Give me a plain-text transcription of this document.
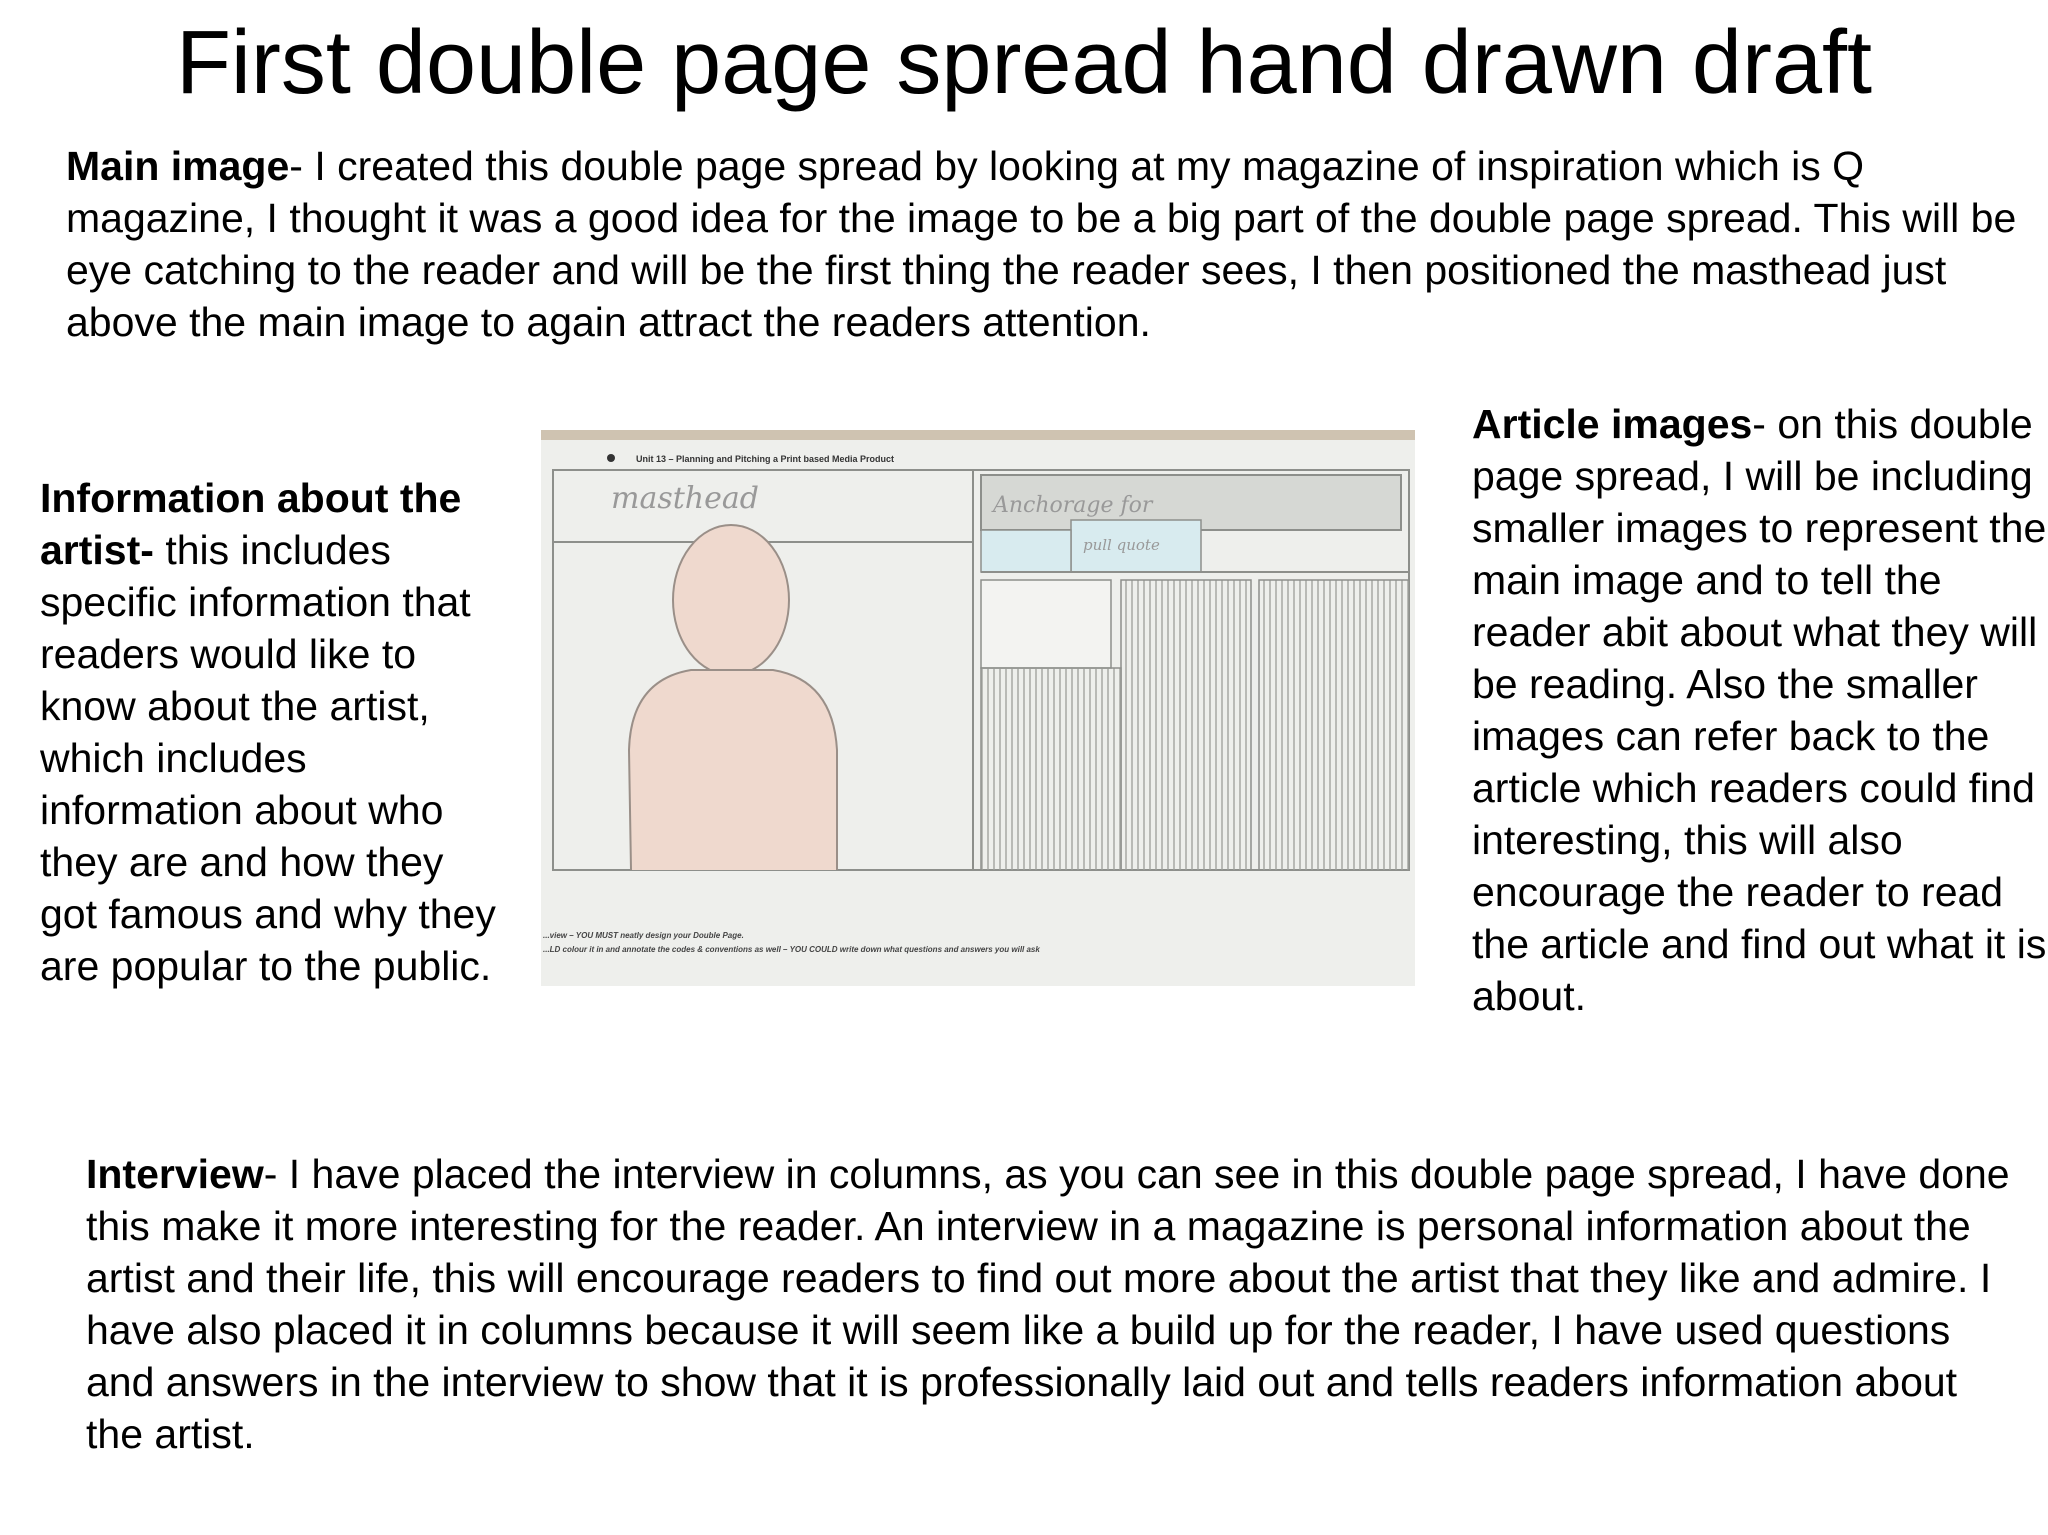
First double page spread hand drawn draft
Main image- I created this double page spread by looking at my magazine of inspiration which is Q magazine, I thought it was a good idea for the image to be a big part of the double page spread. This will be eye catching to the reader and will be the first thing the reader sees, I then positioned the masthead just above the main image to again attract the readers attention.
Information about the artist- this includes specific information that readers would like to know about the artist, which includes information about who they are and how they got famous and why they are popular to the public.
Unit 13 – Planning and Pitching a Print based Media Product
masthead	Anchorage for
pull quote
...view – YOU MUST neatly design your Double Page.
...LD colour it in and annotate the codes & conventions as well – YOU COULD write down what questions and answers you will ask
Article images- on this double page spread, I will be including smaller images to represent the main image and to tell the reader abit about what they will be reading. Also the smaller images can refer back to the article which readers could find interesting, this will also encourage the reader to read the article and find out what it is about.
Interview- I have placed the interview in columns, as you can see in this double page spread, I have done this make it more interesting for the reader. An interview in a magazine is personal information about the artist and their life, this will encourage readers to find out more about the artist that they like and admire. I have also placed it in columns because it will seem like a build up for the reader, I have used questions and answers in the interview to show that it is professionally laid out and tells readers information about the artist.
